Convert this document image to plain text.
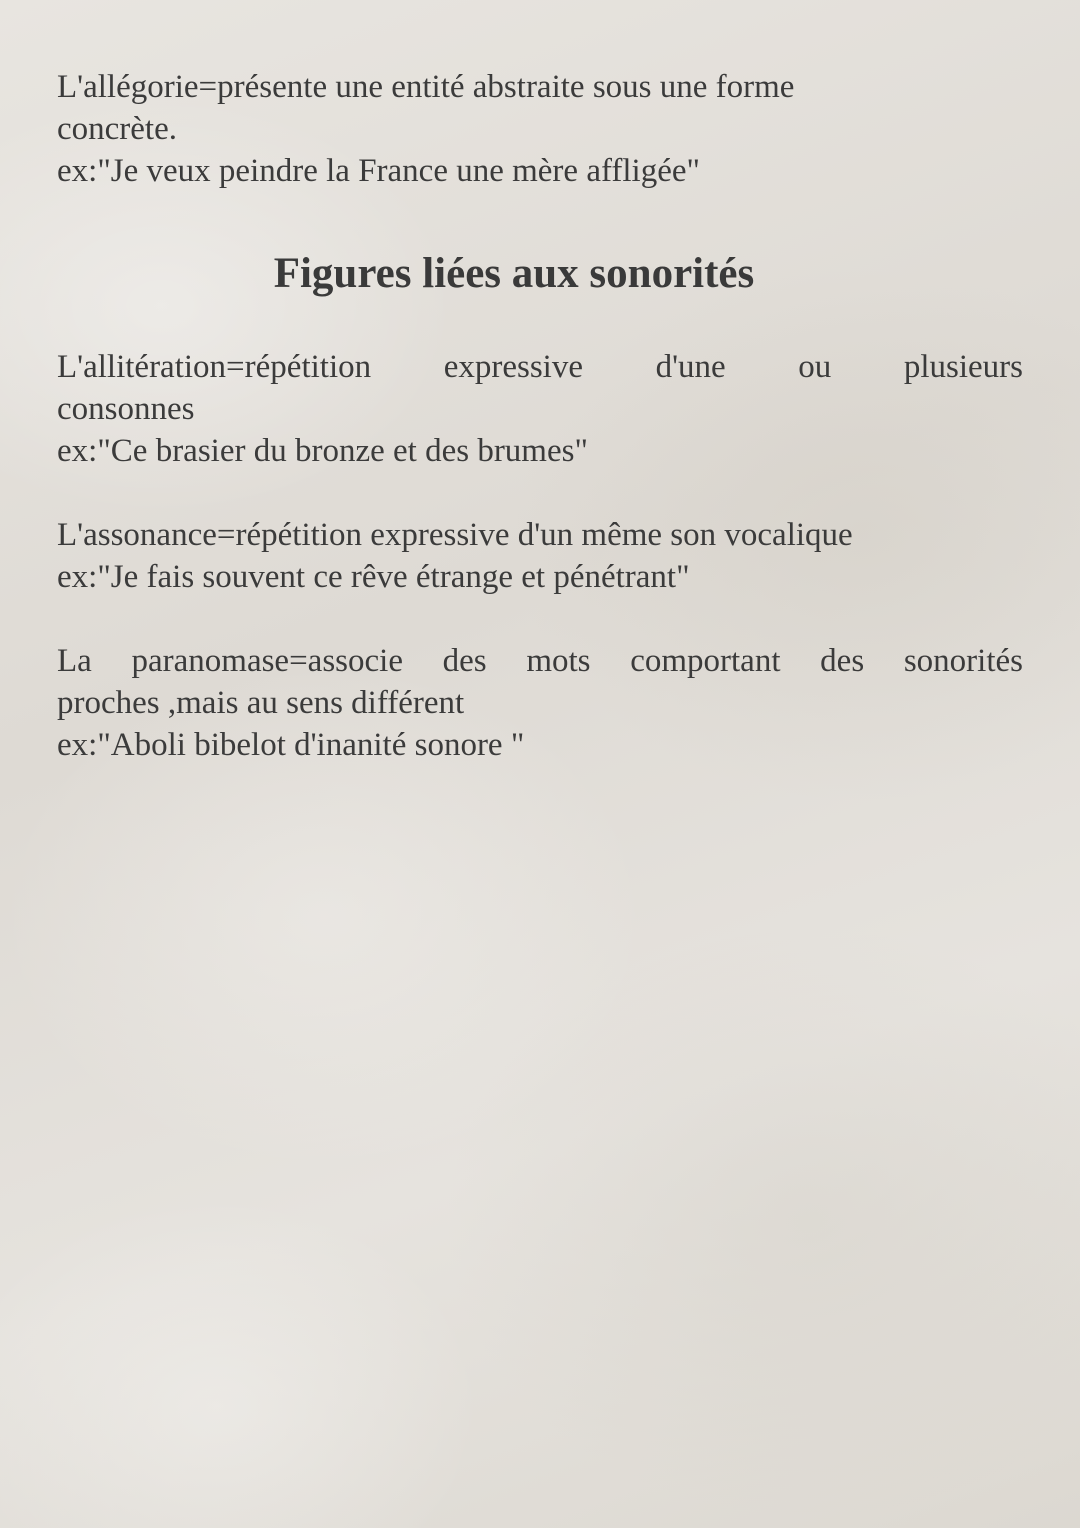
L'allégorie=présente une entité abstraite sous une forme

concrète.

ex:"Je veux peindre la France une mère affligée"

Figures liées aux sonorités

L'allitération=répétition expressive d'une ou plusieurs

consonnes

ex:"Ce brasier du bronze et des brumes"

L'assonance=répétition expressive d'un même son vocalique

ex:"Je fais souvent ce rêve étrange et pénétrant"

La paranomase=associe des mots comportant des sonorités

proches ,mais au sens différent

ex:"Aboli bibelot d'inanité sonore "
